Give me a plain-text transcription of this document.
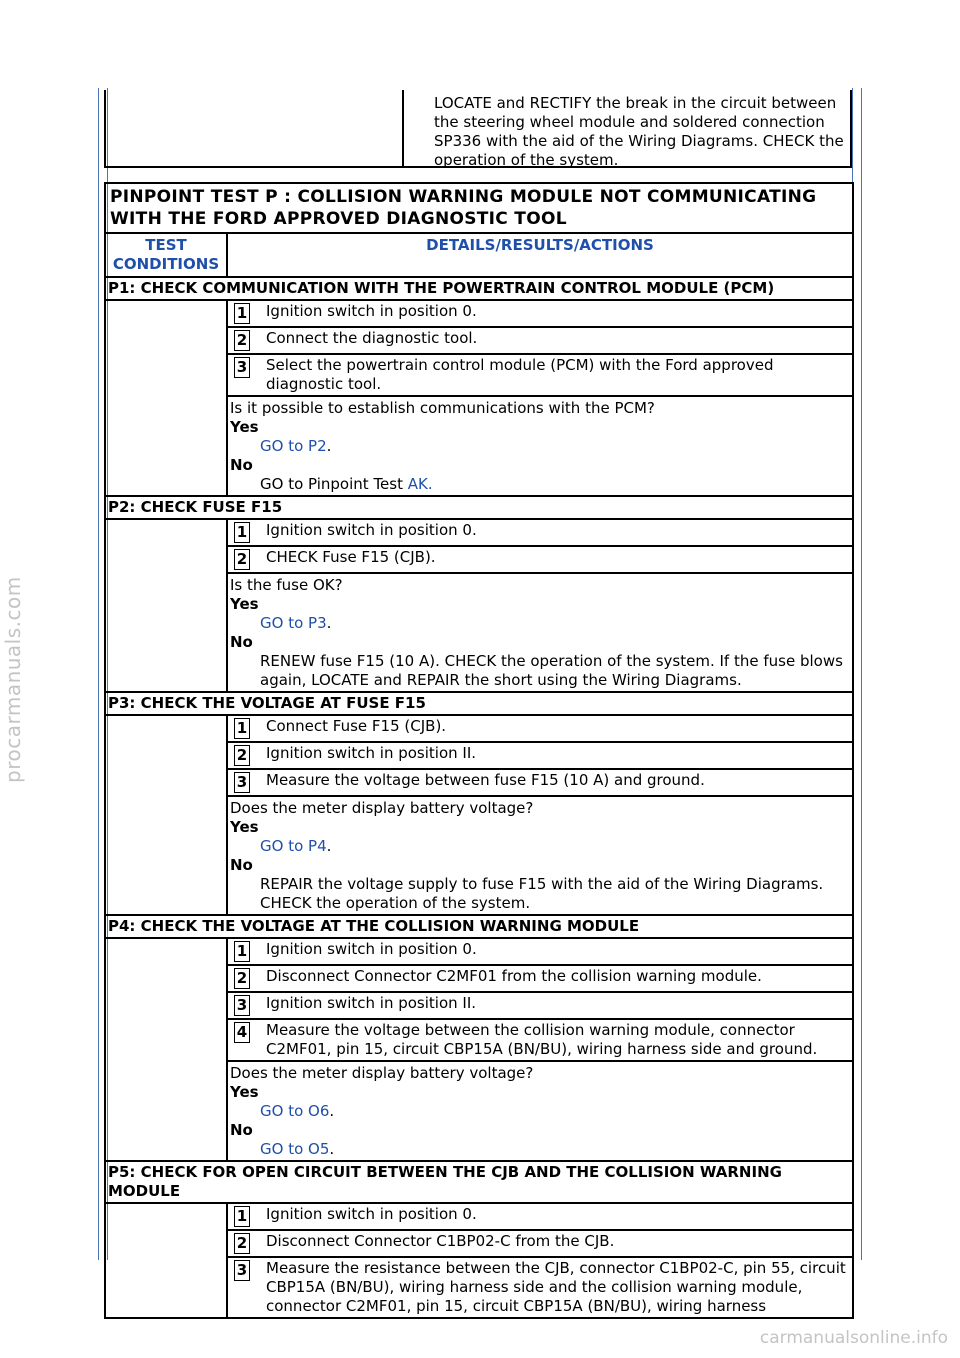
procarmanuals.com
carmanualsonline.info
LOCATE and RECTIFY the break in the circuit between the steering wheel module and soldered connection SP336 with the aid of the Wiring Diagrams. CHECK the operation of the system.
PINPOINT TEST P : COLLISION WARNING MODULE NOT COMMUNICATING WITH THE FORD APPROVED DIAGNOSTIC TOOL
TEST CONDITIONS
DETAILS/RESULTS/ACTIONS
P1: CHECK COMMUNICATION WITH THE POWERTRAIN CONTROL MODULE (PCM)
1	Ignition switch in position 0.
2	Connect the diagnostic tool.
3	Select the powertrain control module (PCM) with the Ford approved diagnostic tool.
Is it possible to establish communications with the PCM?
Yes
GO to P2.
No
GO to Pinpoint Test AK.
P2: CHECK FUSE F15
1	Ignition switch in position 0.
2	CHECK Fuse F15 (CJB).
Is the fuse OK?
Yes
GO to P3.
No
RENEW fuse F15 (10 A). CHECK the operation of the system. If the fuse blows again, LOCATE and REPAIR the short using the Wiring Diagrams.
P3: CHECK THE VOLTAGE AT FUSE F15
1	Connect Fuse F15 (CJB).
2	Ignition switch in position II.
3	Measure the voltage between fuse F15 (10 A) and ground.
Does the meter display battery voltage?
Yes
GO to P4.
No
REPAIR the voltage supply to fuse F15 with the aid of the Wiring Diagrams. CHECK the operation of the system.
P4: CHECK THE VOLTAGE AT THE COLLISION WARNING MODULE
1	Ignition switch in position 0.
2	Disconnect Connector C2MF01 from the collision warning module.
3	Ignition switch in position II.
4	Measure the voltage between the collision warning module, connector C2MF01, pin 15, circuit CBP15A (BN/BU), wiring harness side and ground.
Does the meter display battery voltage?
Yes
GO to O6.
No
GO to O5.
P5: CHECK FOR OPEN CIRCUIT BETWEEN THE CJB AND THE COLLISION WARNING MODULE
1	Ignition switch in position 0.
2	Disconnect Connector C1BP02-C from the CJB.
3	Measure the resistance between the CJB, connector C1BP02-C, pin 55, circuit CBP15A (BN/BU), wiring harness side and the collision warning module, connector C2MF01, pin 15, circuit CBP15A (BN/BU), wiring harness
